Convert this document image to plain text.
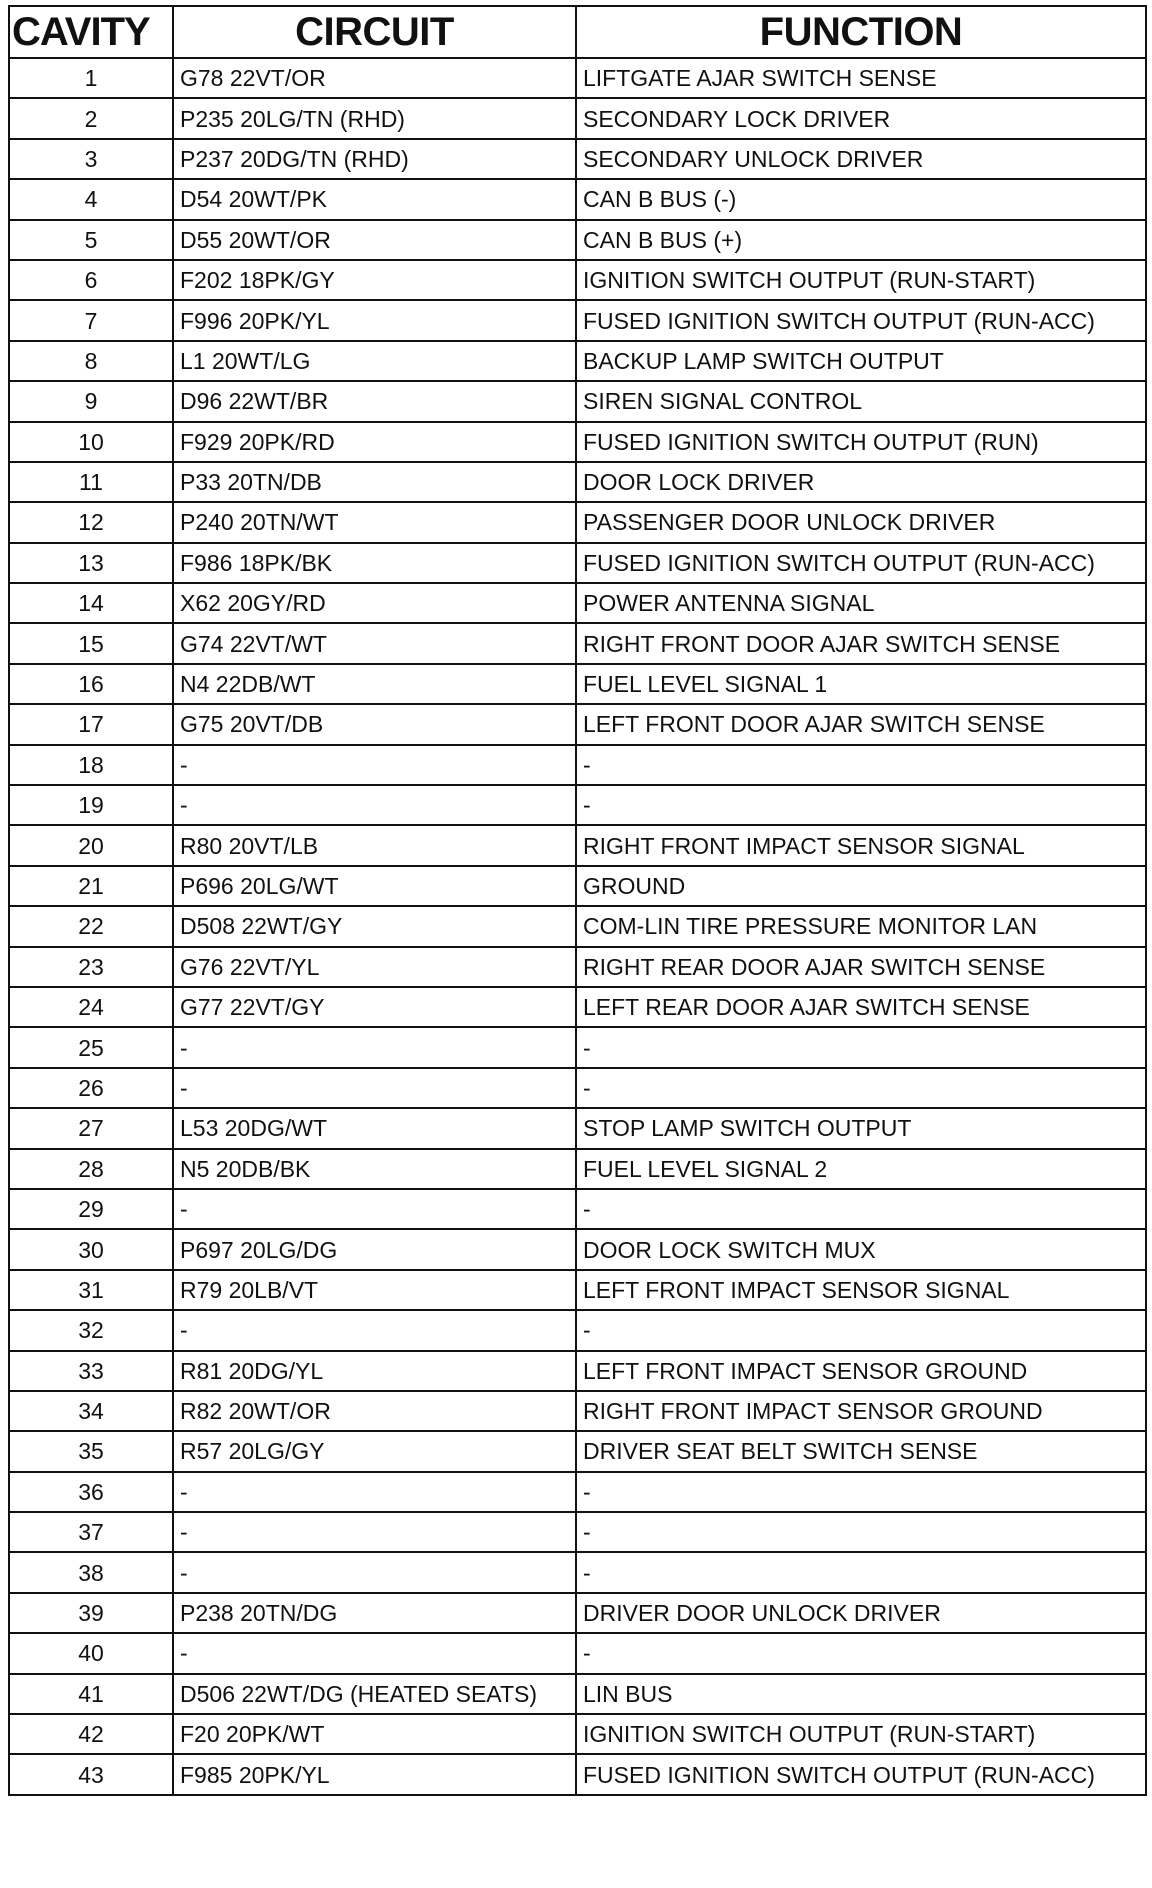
CAVITY	CIRCUIT	FUNCTION
1	G78 22VT/OR	LIFTGATE AJAR SWITCH SENSE
2	P235 20LG/TN (RHD)	SECONDARY LOCK DRIVER
3	P237 20DG/TN (RHD)	SECONDARY UNLOCK DRIVER
4	D54 20WT/PK	CAN B BUS (-)
5	D55 20WT/OR	CAN B BUS (+)
6	F202 18PK/GY	IGNITION SWITCH OUTPUT (RUN-START)
7	F996 20PK/YL	FUSED IGNITION SWITCH OUTPUT (RUN-ACC)
8	L1 20WT/LG	BACKUP LAMP SWITCH OUTPUT
9	D96 22WT/BR	SIREN SIGNAL CONTROL
10	F929 20PK/RD	FUSED IGNITION SWITCH OUTPUT (RUN)
11	P33 20TN/DB	DOOR LOCK DRIVER
12	P240 20TN/WT	PASSENGER DOOR UNLOCK DRIVER
13	F986 18PK/BK	FUSED IGNITION SWITCH OUTPUT (RUN-ACC)
14	X62 20GY/RD	POWER ANTENNA SIGNAL
15	G74 22VT/WT	RIGHT FRONT DOOR AJAR SWITCH SENSE
16	N4 22DB/WT	FUEL LEVEL SIGNAL 1
17	G75 20VT/DB	LEFT FRONT DOOR AJAR SWITCH SENSE
18	-	-
19	-	-
20	R80 20VT/LB	RIGHT FRONT IMPACT SENSOR SIGNAL
21	P696 20LG/WT	GROUND
22	D508 22WT/GY	COM-LIN TIRE PRESSURE MONITOR LAN
23	G76 22VT/YL	RIGHT REAR DOOR AJAR SWITCH SENSE
24	G77 22VT/GY	LEFT REAR DOOR AJAR SWITCH SENSE
25	-	-
26	-	-
27	L53 20DG/WT	STOP LAMP SWITCH OUTPUT
28	N5 20DB/BK	FUEL LEVEL SIGNAL 2
29	-	-
30	P697 20LG/DG	DOOR LOCK SWITCH MUX
31	R79 20LB/VT	LEFT FRONT IMPACT SENSOR SIGNAL
32	-	-
33	R81 20DG/YL	LEFT FRONT IMPACT SENSOR GROUND
34	R82 20WT/OR	RIGHT FRONT IMPACT SENSOR GROUND
35	R57 20LG/GY	DRIVER SEAT BELT SWITCH SENSE
36	-	-
37	-	-
38	-	-
39	P238 20TN/DG	DRIVER DOOR UNLOCK DRIVER
40	-	-
41	D506 22WT/DG (HEATED SEATS)	LIN BUS
42	F20 20PK/WT	IGNITION SWITCH OUTPUT (RUN-START)
43	F985 20PK/YL	FUSED IGNITION SWITCH OUTPUT (RUN-ACC)
